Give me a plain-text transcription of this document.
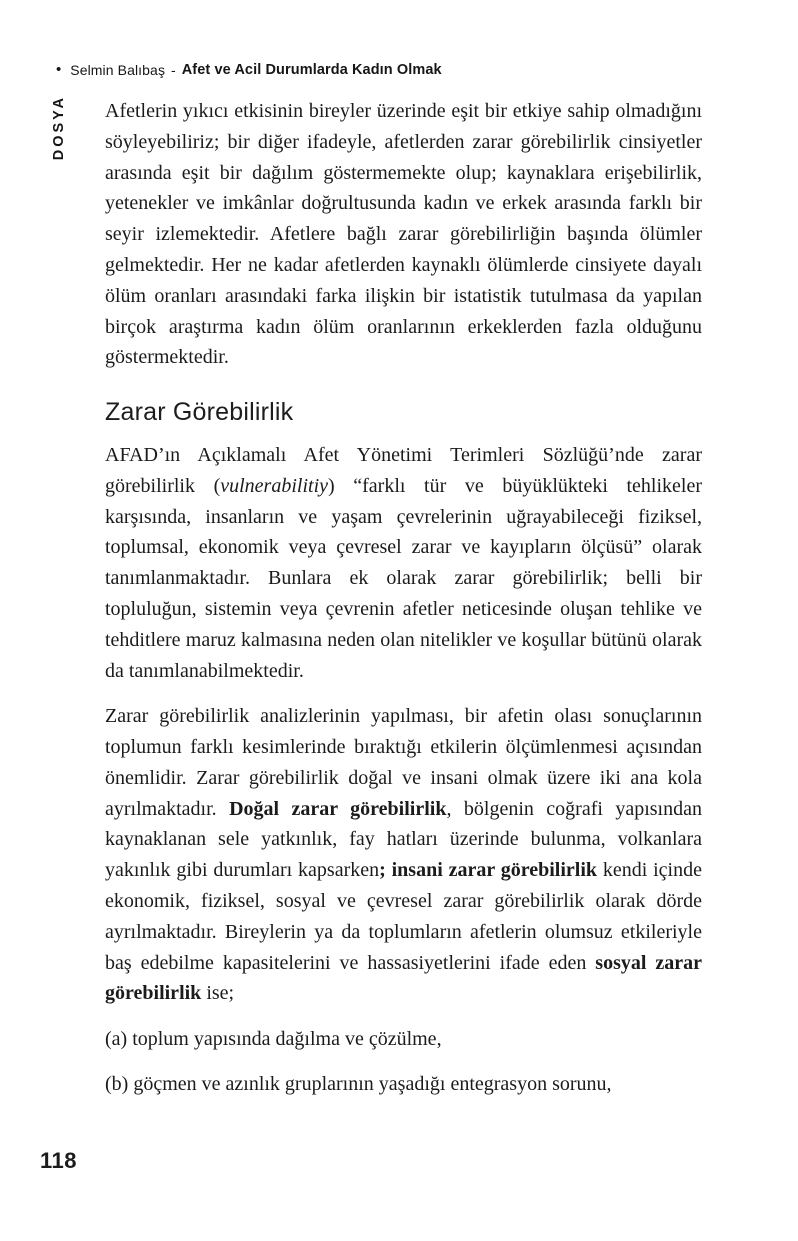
• Selmin Balıbaş - Afet ve Acil Durumlarda Kadın Olmak
DOSYA Afetlerin yıkıcı etkisinin bireyler üzerinde eşit bir etkiye sahip olmadığını söyleyebiliriz; bir diğer ifadeyle, afetlerden zarar görebilirlik cinsiyetler arasında eşit bir dağılım göstermemekte olup; kaynaklara erişebilirlik, yetenekler ve imkânlar doğrultusunda kadın ve erkek arasında farklı bir seyir izlemektedir. Afetlere bağlı zarar görebilirliğin başında ölümler gelmektedir. Her ne kadar afetlerden kaynaklı ölümlerde cinsiyete dayalı ölüm oranları arasındaki farka ilişkin bir istatistik tutulmasa da yapılan birçok araştırma kadın ölüm oranlarının erkeklerden fazla olduğunu göstermektedir.

Zarar Görebilirlik

AFAD’ın Açıklamalı Afet Yönetimi Terimleri Sözlüğü’nde zarar görebilirlik (vulnerabilitiy) “farklı tür ve büyüklükteki tehlikeler karşısında, insanların ve yaşam çevrelerinin uğrayabileceği fiziksel, toplumsal, ekonomik veya çevresel zarar ve kayıpların ölçüsü” olarak tanımlanmaktadır. Bunlara ek olarak zarar görebilirlik; belli bir topluluğun, sistemin veya çevrenin afetler neticesinde oluşan tehlike ve tehditlere maruz kalmasına neden olan nitelikler ve koşullar bütünü olarak da tanımlanabilmektedir.

Zarar görebilirlik analizlerinin yapılması, bir afetin olası sonuçlarının toplumun farklı kesimlerinde bıraktığı etkilerin ölçümlenmesi açısından önemlidir. Zarar görebilirlik doğal ve insani olmak üzere iki ana kola ayrılmaktadır. Doğal zarar görebilirlik, bölgenin coğrafi yapısından kaynaklanan sele yatkınlık, fay hatları üzerinde bulunma, volkanlara yakınlık gibi durumları kapsarken; insani zarar görebilirlik kendi içinde ekonomik, fiziksel, sosyal ve çevresel zarar görebilirlik olarak dörde ayrılmaktadır. Bireylerin ya da toplumların afetlerin olumsuz etkileriyle baş edebilme kapasitelerini ve hassasiyetlerini ifade eden sosyal zarar görebilirlik ise;

(a) toplum yapısında dağılma ve çözülme,

(b) göçmen ve azınlık gruplarının yaşadığı entegrasyon sorunu,

118
